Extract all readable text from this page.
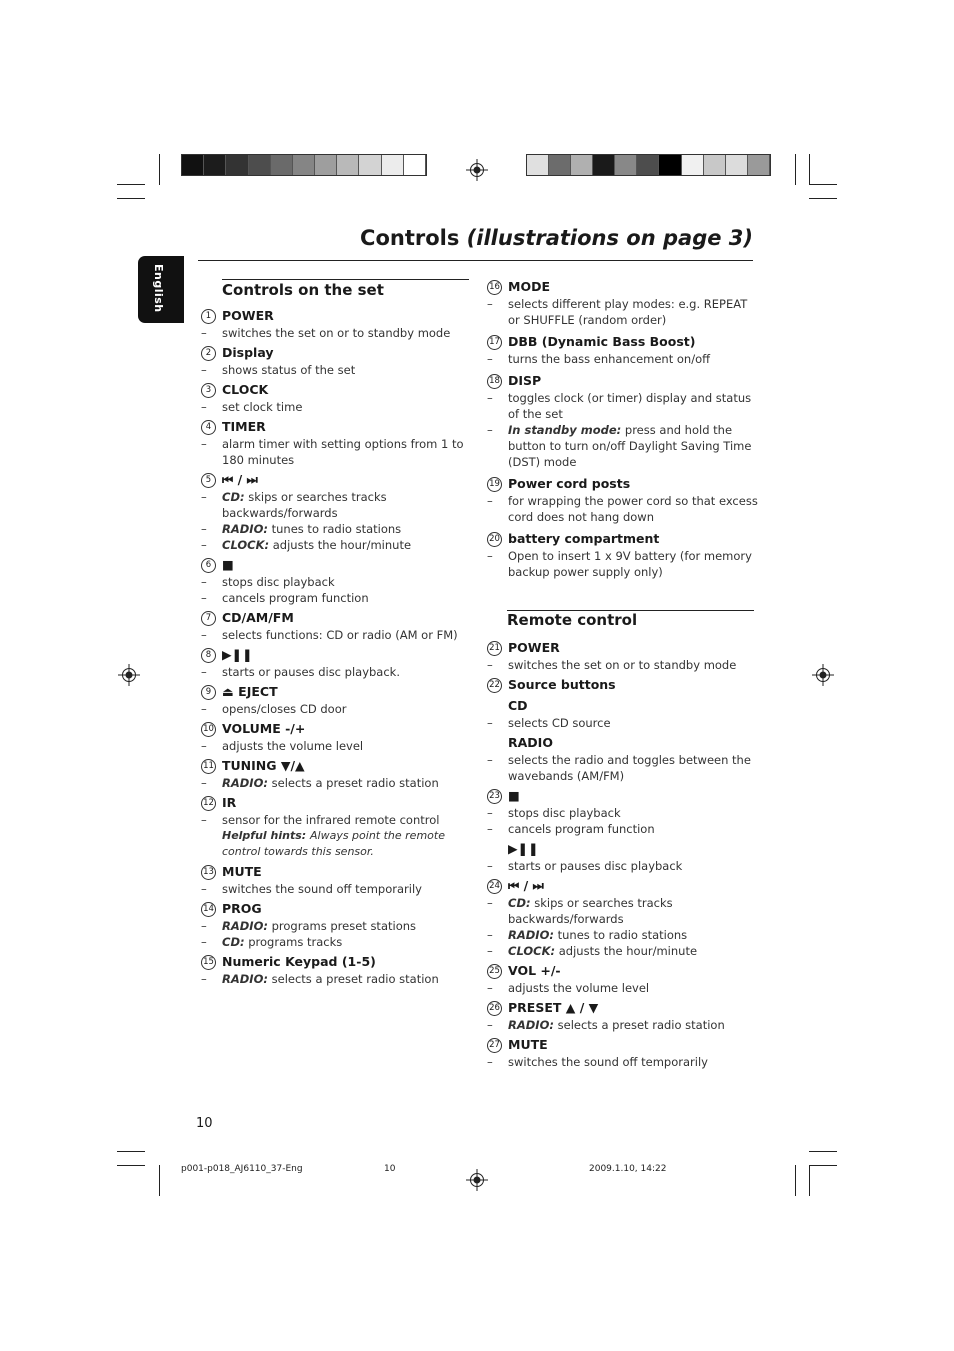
Controls (illustrations on page 3)
English	Controls on the set
1 POWER
– switches the set on or to standby mode
2 Display
– shows status of the set
3 CLOCK
– set clock time
4 TIMER
– alarm timer with setting options from 1 to 180 minutes
5 ⏮ / ⏭
– CD: skips or searches tracks backwards/forwards
– RADIO: tunes to radio stations
– CLOCK: adjusts the hour/minute
6 ■
– stops disc playback
– cancels program function
7 CD/AM/FM
– selects functions: CD or radio (AM or FM)
8 ▶❚❚
– starts or pauses disc playback.
9 ⏏ EJECT
– opens/closes CD door
10 VOLUME -/+
– adjusts the volume level
11 TUNING ▼/▲
– RADIO: selects a preset radio station
12 IR
– sensor for the infrared remote control
Helpful hints: Always point the remote control towards this sensor.
13 MUTE
– switches the sound off temporarily
14 PROG
– RADIO: programs preset stations
– CD: programs tracks
15 Numeric Keypad (1-5)
– RADIO: selects a preset radio station
16 MODE
– selects different play modes: e.g. REPEAT or SHUFFLE (random order)
17 DBB (Dynamic Bass Boost)
– turns the bass enhancement on/off
18 DISP
– toggles clock (or timer) display and status of the set
– In standby mode: press and hold the button to turn on/off Daylight Saving Time (DST) mode
19 Power cord posts
– for wrapping the power cord so that excess cord does not hang down
20 battery compartment
– Open to insert 1 x 9V battery (for memory backup power supply only)
Remote control
21 POWER
– switches the set on or to standby mode
22 Source buttons
CD
– selects CD source
RADIO
– selects the radio and toggles between the wavebands (AM/FM)
23 ■
– stops disc playback
– cancels program function
▶❚❚
– starts or pauses disc playback
24 ⏮ / ⏭
– CD: skips or searches tracks backwards/forwards
– RADIO: tunes to radio stations
– CLOCK: adjusts the hour/minute
25 VOL +/-
– adjusts the volume level
26 PRESET ▲ / ▼
– RADIO: selects a preset radio station
27 MUTE
– switches the sound off temporarily
10
p001-p018_AJ6110_37-Eng	10	2009.1.10, 14:22
